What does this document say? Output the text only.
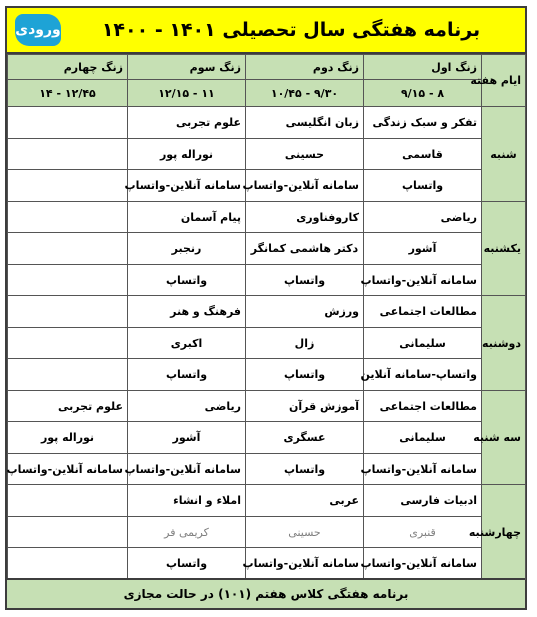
ورودی	برنامه هفتگی سال تحصیلی ۱۴۰۱ - ۱۴۰۰
ایام هفته	زنگ اول	زنگ دوم	زنگ سوم	زنگ چهارم
	۸ - ۹/۱۵	۹/۳۰ - ۱۰/۴۵	۱۱ - ۱۲/۱۵	۱۲/۴۵ - ۱۴
شنبه	تفکر و سبک زندگی	زبان انگلیسی	علوم تجربی	
	قاسمی	حسینی	نوراله پور	
	واتساپ	سامانه آنلاین-واتساپ	سامانه آنلاین-واتساپ	
یکشنبه	ریاضی	کاروفناوری	پیام آسمان	
	آشور	دکتر هاشمی کمانگر	رنجبر	
	سامانه آنلاین-واتساپ	واتساپ	واتساپ	
دوشنبه	مطالعات اجتماعی	ورزش	فرهنگ و هنر	
	سلیمانی	زال	اکبری	
	واتساپ-سامانه آنلاین	واتساپ	واتساپ	
سه شنبه	مطالعات اجتماعی	آموزش قرآن	ریاضی	علوم تجربی
	سلیمانی	عسگری	آشور	نوراله پور
	سامانه آنلاین-واتساپ	واتساپ	سامانه آنلاین-واتساپ	سامانه آنلاین-واتساپ
چهارشنبه	ادبیات فارسی	عربی	املاء و انشاء	
	قنبری	حسینی	کریمی فر	
	سامانه آنلاین-واتساپ	سامانه آنلاین-واتساپ	واتساپ	
برنامه هفتگی کلاس هفتم (۱۰۱) در حالت مجازی
